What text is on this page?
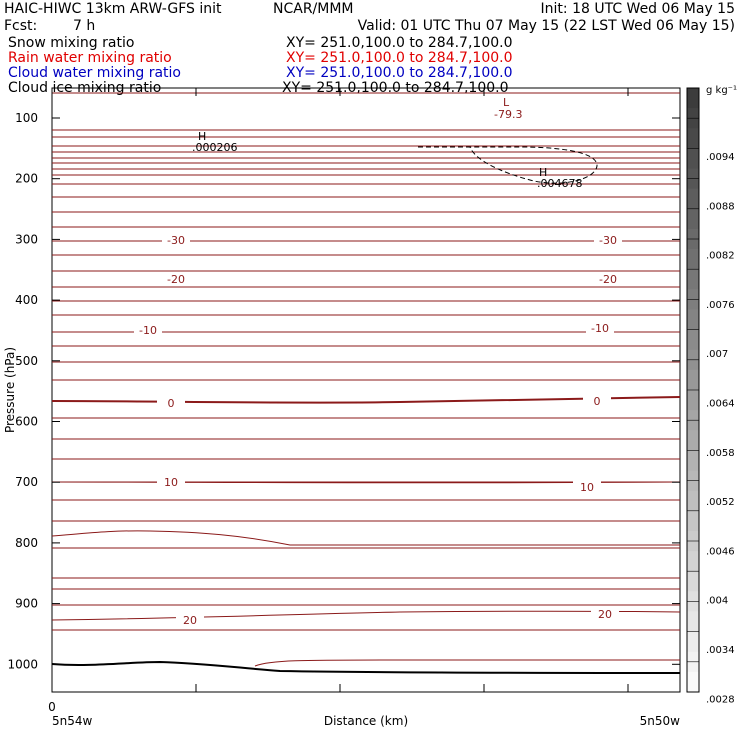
HAIC-HIWC 13km ARW-GFS init	NCAR/MMM	Init: 18 UTC Wed 06 May 15
Fcst:	7 h	Valid: 01 UTC Thu 07 May 15 (22 LST Wed 06 May 15)
Snow mixing ratio	XY= 251.0,100.0 to 284.7,100.0
Rain water mixing ratio	XY= 251.0,100.0 to 284.7,100.0
Cloud water mixing ratio	XY= 251.0,100.0 to 284.7,100.0
Cloud ice mixing ratio	XY= 251.0,100.0 to 284.7,100.0
-30	-30
-20	-20
-10	-10
0	0
10	10
20	20
100
200
300
400
500
600
700
800
900
1000
L
-79.3
H
.000206
H
.004678
Pressure (hPa)
Distance (km)
0
5n54w	5n50w
.0094
.0088
.0082
.0076
.007
.0064
.0058
.0052
.0046
.004
.0034
.0028
g kg⁻¹
